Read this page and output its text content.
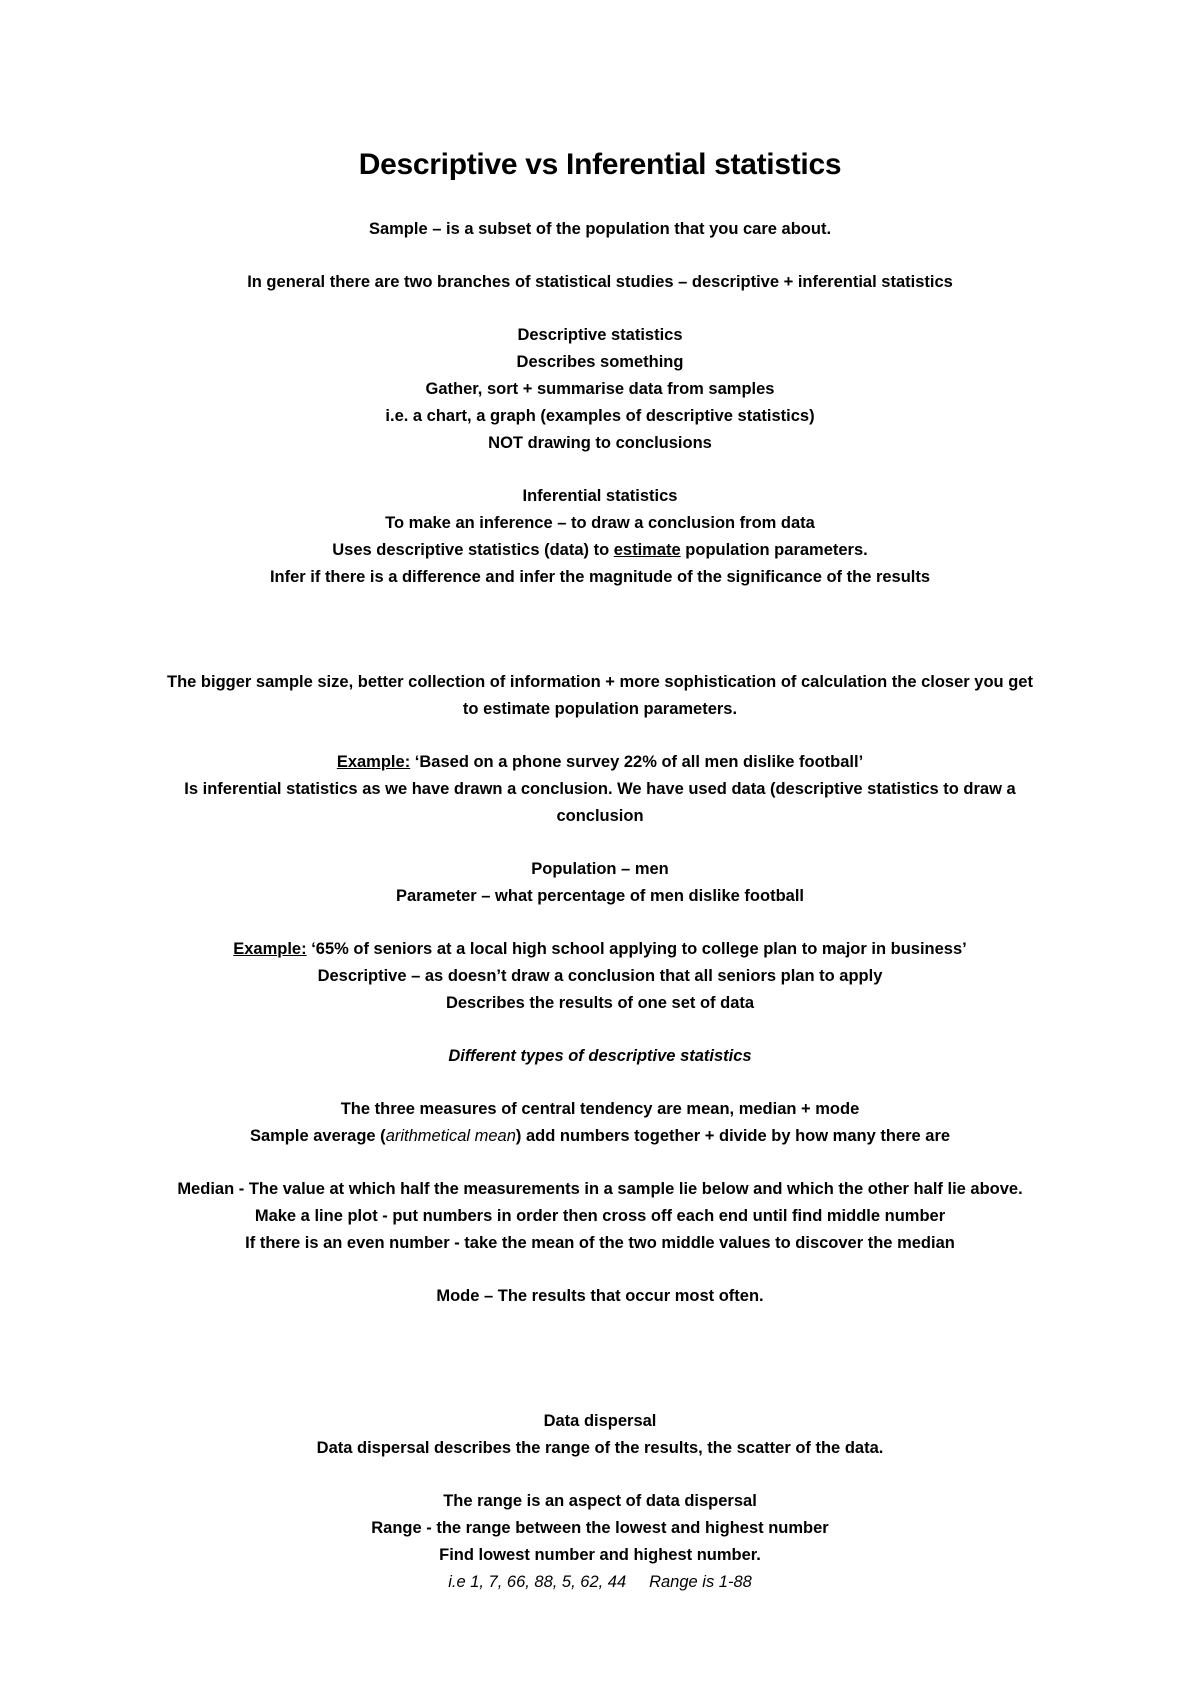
Descriptive vs Inferential statistics
Sample – is a subset of the population that you care about.
In general there are two branches of statistical studies – descriptive + inferential statistics
Descriptive statistics
Describes something
Gather, sort + summarise data from samples
i.e. a chart, a graph (examples of descriptive statistics)
NOT drawing to conclusions
Inferential statistics
To make an inference – to draw a conclusion from data
Uses descriptive statistics (data) to estimate population parameters.
Infer if there is a difference and infer the magnitude of the significance of the results
The bigger sample size, better collection of information + more sophistication of calculation the closer you get
to estimate population parameters.
Example: ‘Based on a phone survey 22% of all men dislike football’
Is inferential statistics as we have drawn a conclusion. We have used data (descriptive statistics to draw a
conclusion
Population – men
Parameter – what percentage of men dislike football
Example: ‘65% of seniors at a local high school applying to college plan to major in business’
Descriptive – as doesn’t draw a conclusion that all seniors plan to apply
Describes the results of one set of data
Different types of descriptive statistics
The three measures of central tendency are mean, median + mode
Sample average (arithmetical mean) add numbers together + divide by how many there are
Median - The value at which half the measurements in a sample lie below and which the other half lie above.
Make a line plot - put numbers in order then cross off each end until find middle number
If there is an even number - take the mean of the two middle values to discover the median
Mode – The results that occur most often.
Data dispersal
Data dispersal describes the range of the results, the scatter of the data.
The range is an aspect of data dispersal
Range - the range between the lowest and highest number
Find lowest number and highest number.
i.e 1, 7, 66, 88, 5, 62, 44     Range is 1-88
